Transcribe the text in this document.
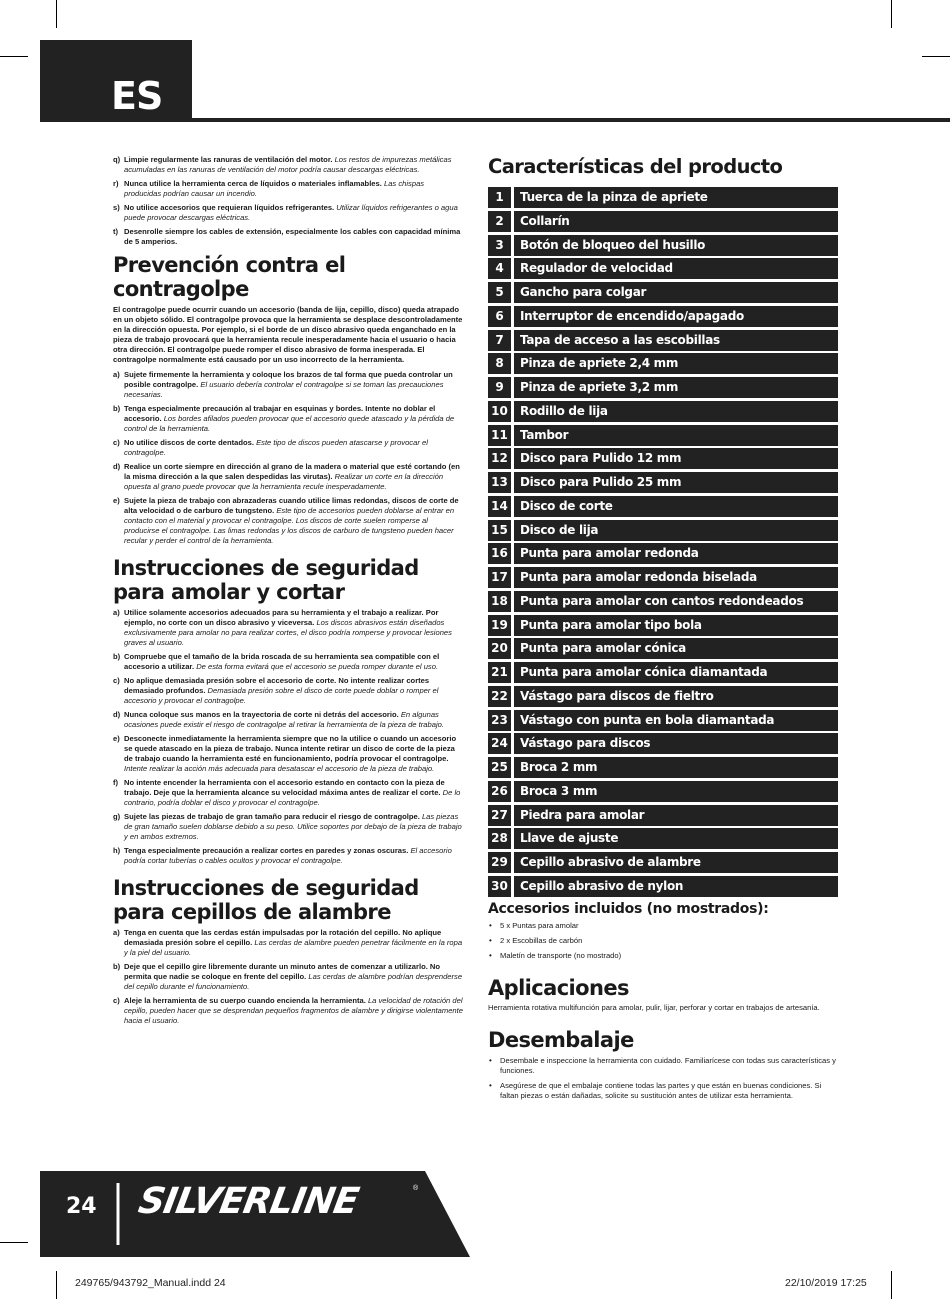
ES
q) Limpie regularmente las ranuras de ventilación del motor. Los restos de impurezas metálicas acumuladas en las ranuras de ventilación del motor podría causar descargas eléctricas.
r) Nunca utilice la herramienta cerca de líquidos o materiales inflamables. Las chispas producidas podrían causar un incendio.
s) No utilice accesorios que requieran líquidos refrigerantes. Utilizar líquidos refrigerantes o agua puede provocar descargas eléctricas.
t) Desenrolle siempre los cables de extensión, especialmente los cables con capacidad mínima de 5 amperios.
Prevención contra el contragolpe

El contragolpe puede ocurrir cuando un accesorio (banda de lija, cepillo, disco) queda atrapado en un objeto sólido. El contragolpe provoca que la herramienta se desplace descontroladamente en la dirección opuesta. Por ejemplo, si el borde de un disco abrasivo queda enganchado en la pieza de trabajo provocará que la herramienta recule inesperadamente hacia el usuario o hacia otra dirección. El contragolpe puede romper el disco abrasivo de forma inesperada. El contragolpe normalmente está causado por un uso incorrecto de la herramienta.

a) Sujete firmemente la herramienta y coloque los brazos de tal forma que pueda controlar un posible contragolpe. El usuario debería controlar el contragolpe si se toman las precauciones necesarias.
b) Tenga especialmente precaución al trabajar en esquinas y bordes. Intente no doblar el accesorio. Los bordes afilados pueden provocar que el accesorio quede atascado y la pérdida de control de la herramienta.
c) No utilice discos de corte dentados. Este tipo de discos pueden atascarse y provocar el contragolpe.
d) Realice un corte siempre en dirección al grano de la madera o material que esté cortando (en la misma dirección a la que salen despedidas las virutas). Realizar un corte en la dirección opuesta al grano puede provocar que la herramienta recule inesperadamente.
e) Sujete la pieza de trabajo con abrazaderas cuando utilice limas redondas, discos de corte de alta velocidad o de carburo de tungsteno. Este tipo de accesorios pueden doblarse al entrar en contacto con el material y provocar el contragolpe. Los discos de corte suelen romperse al producirse el contragolpe. Las limas redondas y los discos de carburo de tungsteno pueden hacer recular y perder el control de la herramienta.
Instrucciones de seguridad para amolar y cortar
a) Utilice solamente accesorios adecuados para su herramienta y el trabajo a realizar. Por ejemplo, no corte con un disco abrasivo y viceversa. Los discos abrasivos están diseñados exclusivamente para amolar no para realizar cortes, el disco podría romperse y provocar lesiones graves al usuario.
b) Compruebe que el tamaño de la brida roscada de su herramienta sea compatible con el accesorio a utilizar. De esta forma evitará que el accesorio se pueda romper durante el uso.
c) No aplique demasiada presión sobre el accesorio de corte. No intente realizar cortes demasiado profundos. Demasiada presión sobre el disco de corte puede doblar o romper el accesorio y provocar el contragolpe.
d) Nunca coloque sus manos en la trayectoria de corte ni detrás del accesorio. En algunas ocasiones puede existir el riesgo de contragolpe al retirar la herramienta de la pieza de trabajo.
e) Desconecte inmediatamente la herramienta siempre que no la utilice o cuando un accesorio se quede atascado en la pieza de trabajo. Nunca intente retirar un disco de corte de la pieza de trabajo cuando la herramienta esté en funcionamiento, podría provocar el contragolpe. Intente realizar la acción más adecuada para desatascar el accesorio de la pieza de trabajo.
f) No intente encender la herramienta con el accesorio estando en contacto con la pieza de trabajo. Deje que la herramienta alcance su velocidad máxima antes de realizar el corte. De lo contrario, podría doblar el disco y provocar el contragolpe.
g) Sujete las piezas de trabajo de gran tamaño para reducir el riesgo de contragolpe. Las piezas de gran tamaño suelen doblarse debido a su peso. Utilice soportes por debajo de la pieza de trabajo y en ambos extremos.
h) Tenga especialmente precaución a realizar cortes en paredes y zonas oscuras. El accesorio podría cortar tuberías o cables ocultos y provocar el contragolpe.
Instrucciones de seguridad para cepillos de alambre
a) Tenga en cuenta que las cerdas están impulsadas por la rotación del cepillo. No aplique demasiada presión sobre el cepillo. Las cerdas de alambre pueden penetrar fácilmente en la ropa y la piel del usuario.
b) Deje que el cepillo gire libremente durante un minuto antes de comenzar a utilizarlo. No permita que nadie se coloque en frente del cepillo. Las cerdas de alambre podrían desprenderse del cepillo durante el funcionamiento.
c) Aleje la herramienta de su cuerpo cuando encienda la herramienta. La velocidad de rotación del cepillo, pueden hacer que se desprendan pequeños fragmentos de alambre y dirigirse violentamente hacia el usuario.
Características del producto
1	Tuerca de la pinza de apriete
2	Collarín
3	Botón de bloqueo del husillo
4	Regulador de velocidad
5	Gancho para colgar
6	Interruptor de encendido/apagado
7	Tapa de acceso a las escobillas
8	Pinza de apriete 2,4 mm
9	Pinza de apriete 3,2 mm
10	Rodillo de lija
11	Tambor
12	Disco para Pulido 12 mm
13	Disco para Pulido 25 mm
14	Disco de corte
15	Disco de lija
16	Punta para amolar redonda
17	Punta para amolar redonda biselada
18	Punta para amolar con cantos redondeados
19	Punta para amolar tipo bola
20	Punta para amolar cónica
21	Punta para amolar cónica diamantada
22	Vástago para discos de fieltro
23	Vástago con punta en bola diamantada
24	Vástago para discos
25	Broca 2 mm
26	Broca 3 mm
27	Piedra para amolar
28	Llave de ajuste
29	Cepillo abrasivo de alambre
30	Cepillo abrasivo de nylon
Accesorios incluidos (no mostrados):
• 5 x Puntas para amolar
• 2 x Escobillas de carbón
• Maletín de transporte (no mostrado)
Aplicaciones

Herramienta rotativa multifunción para amolar, pulir, lijar, perforar y cortar en trabajos de artesanía.

Desembalaje
• Desembale e inspeccione la herramienta con cuidado. Familiarícese con todas sus características y funciones.
• Asegúrese de que el embalaje contiene todas las partes y que están en buenas condiciones. Si faltan piezas o están dañadas, solicite su sustitución antes de utilizar esta herramienta.
24 SILVERLINE	®
249765/943792_Manual.indd 24	22/10/2019 17:25
